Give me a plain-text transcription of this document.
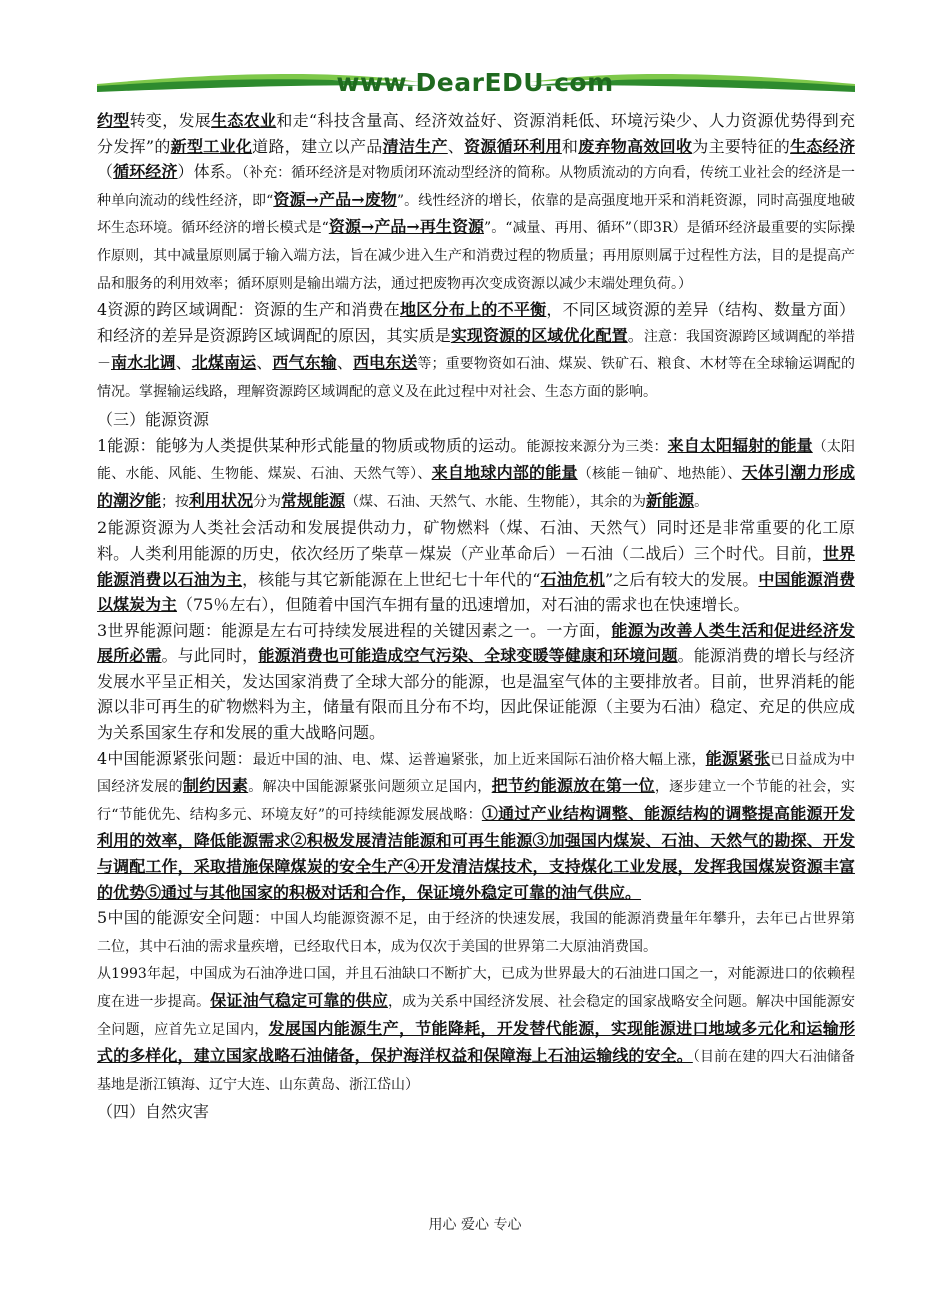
www.DearEDU.com

约型转变，发展生态农业和走“科技含量高、经济效益好、资源消耗低、环境污染少、人力资源优势得到充分发挥”的新型工业化道路，建立以产品清洁生产、资源循环利用和废弃物高效回收为主要特征的生态经济（循环经济）体系。（补充：循环经济是对物质闭环流动型经济的简称。从物质流动的方向看，传统工业社会的经济是一种单向流动的线性经济，即“资源→产品→废物”。线性经济的增长，依靠的是高强度地开采和消耗资源，同时高强度地破坏生态环境。循环经济的增长模式是“资源→产品→再生资源”。“减量、再用、循环”（即3R）是循环经济最重要的实际操作原则，其中减量原则属于输入端方法，旨在减少进入生产和消费过程的物质量；再用原则属于过程性方法，目的是提高产品和服务的利用效率；循环原则是输出端方法，通过把废物再次变成资源以减少末端处理负荷。）

4资源的跨区域调配：资源的生产和消费在地区分布上的不平衡，不同区域资源的差异（结构、数量方面）和经济的差异是资源跨区域调配的原因，其实质是实现资源的区域优化配置。注意：我国资源跨区域调配的举措－南水北调、北煤南运、西气东输、西电东送等；重要物资如石油、煤炭、铁矿石、粮食、木材等在全球输运调配的情况。掌握输运线路，理解资源跨区域调配的意义及在此过程中对社会、生态方面的影响。

（三）能源资源

1能源：能够为人类提供某种形式能量的物质或物质的运动。能源按来源分为三类：来自太阳辐射的能量（太阳能、水能、风能、生物能、煤炭、石油、天然气等）、来自地球内部的能量（核能－铀矿、地热能）、天体引潮力形成的潮汐能；按利用状况分为常规能源（煤、石油、天然气、水能、生物能），其余的为新能源。

2能源资源为人类社会活动和发展提供动力，矿物燃料（煤、石油、天然气）同时还是非常重要的化工原料。人类利用能源的历史，依次经历了柴草－煤炭（产业革命后）－石油（二战后）三个时代。目前，世界能源消费以石油为主，核能与其它新能源在上世纪七十年代的“石油危机”之后有较大的发展。中国能源消费以煤炭为主（75％左右），但随着中国汽车拥有量的迅速增加，对石油的需求也在快速增长。

3世界能源问题：能源是左右可持续发展进程的关键因素之一。一方面，能源为改善人类生活和促进经济发展所必需。与此同时，能源消费也可能造成空气污染、全球变暖等健康和环境问题。能源消费的增长与经济发展水平呈正相关，发达国家消费了全球大部分的能源，也是温室气体的主要排放者。目前，世界消耗的能源以非可再生的矿物燃料为主，储量有限而且分布不均，因此保证能源（主要为石油）稳定、充足的供应成为关系国家生存和发展的重大战略问题。

4中国能源紧张问题：最近中国的油、电、煤、运普遍紧张，加上近来国际石油价格大幅上涨，能源紧张已日益成为中国经济发展的制约因素。解决中国能源紧张问题须立足国内，把节约能源放在第一位，逐步建立一个节能的社会，实行“节能优先、结构多元、环境友好”的可持续能源发展战略：①通过产业结构调整、能源结构的调整提高能源开发利用的效率，降低能源需求②积极发展清洁能源和可再生能源③加强国内煤炭、石油、天然气的勘探、开发与调配工作，采取措施保障煤炭的安全生产④开发清洁煤技术，支持煤化工业发展，发挥我国煤炭资源丰富的优势⑤通过与其他国家的积极对话和合作，保证境外稳定可靠的油气供应。

5中国的能源安全问题：中国人均能源资源不足，由于经济的快速发展，我国的能源消费量年年攀升，去年已占世界第二位，其中石油的需求量疾增，已经取代日本，成为仅次于美国的世界第二大原油消费国。

从1993年起，中国成为石油净进口国，并且石油缺口不断扩大，已成为世界最大的石油进口国之一，对能源进口的依赖程度在进一步提高。保证油气稳定可靠的供应，成为关系中国经济发展、社会稳定的国家战略安全问题。解决中国能源安全问题，应首先立足国内，发展国内能源生产，节能降耗，开发替代能源，实现能源进口地域多元化和运输形式的多样化，建立国家战略石油储备，保护海洋权益和保障海上石油运输线的安全。（目前在建的四大石油储备基地是浙江镇海、辽宁大连、山东黄岛、浙江岱山）

（四）自然灾害

用心 爱心 专心
